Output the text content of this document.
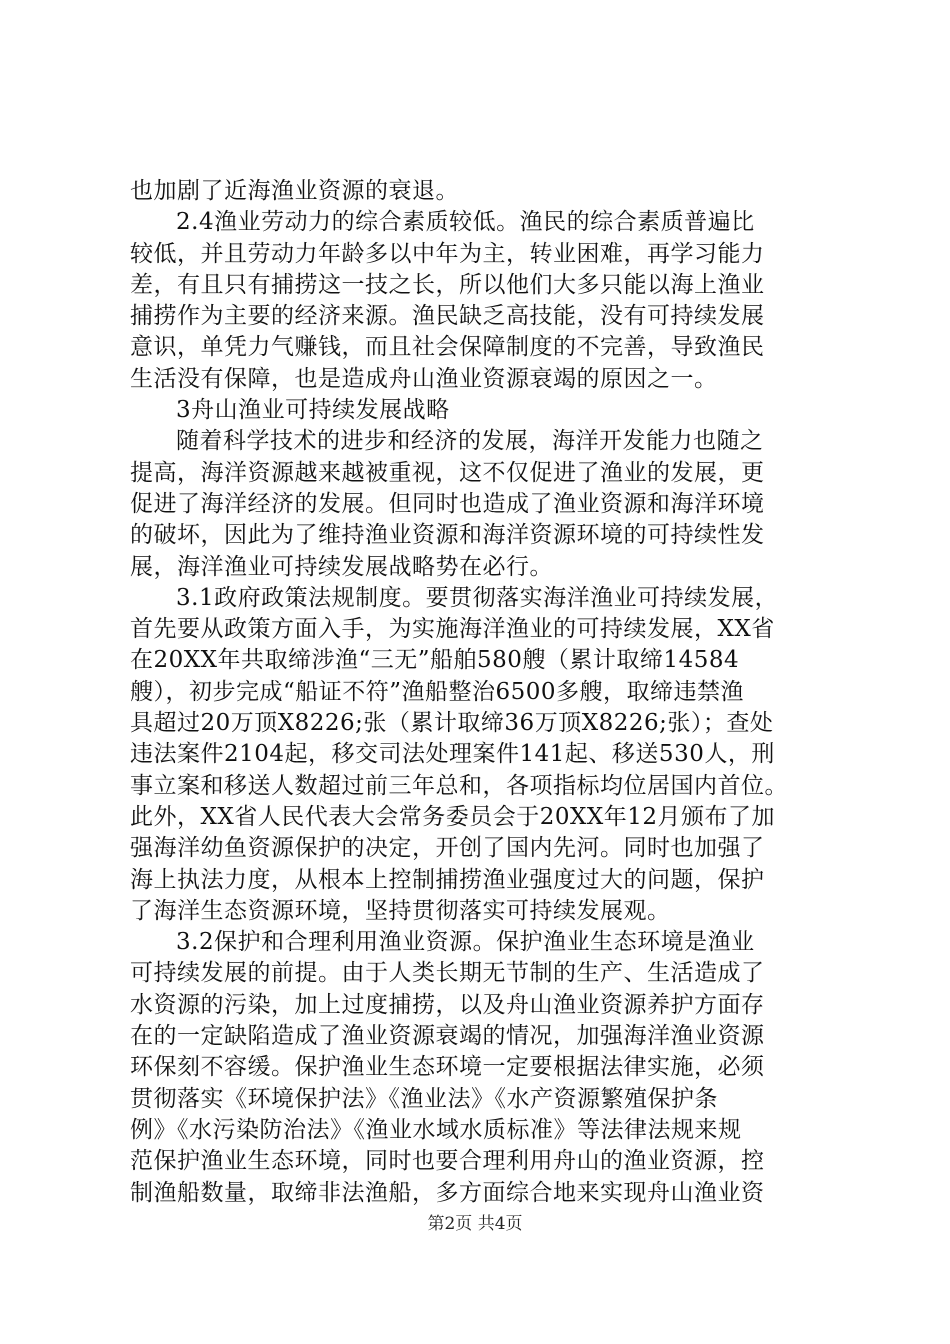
也加剧了近海渔业资源的衰退。
2.4渔业劳动力的综合素质较低。渔民的综合素质普遍比
较低，并且劳动力年龄多以中年为主，转业困难，再学习能力
差，有且只有捕捞这一技之长，所以他们大多只能以海上渔业
捕捞作为主要的经济来源。渔民缺乏高技能，没有可持续发展
意识，单凭力气赚钱，而且社会保障制度的不完善，导致渔民
生活没有保障，也是造成舟山渔业资源衰竭的原因之一。
3舟山渔业可持续发展战略
随着科学技术的进步和经济的发展，海洋开发能力也随之
提高，海洋资源越来越被重视，这不仅促进了渔业的发展，更
促进了海洋经济的发展。但同时也造成了渔业资源和海洋环境
的破坏，因此为了维持渔业资源和海洋资源环境的可持续性发
展，海洋渔业可持续发展战略势在必行。
3.1政府政策法规制度。要贯彻落实海洋渔业可持续发展，
首先要从政策方面入手，为实施海洋渔业的可持续发展，XX省
在20XX年共取缔涉渔“三无”船舶580艘（累计取缔14584
艘），初步完成“船证不符”渔船整治6500多艘，取缔违禁渔
具超过20万顶X8226;张（累计取缔36万顶X8226;张）；查处
违法案件2104起，移交司法处理案件141起、移送530人，刑
事立案和移送人数超过前三年总和，各项指标均位居国内首位。
此外，XX省人民代表大会常务委员会于20XX年12月颁布了加
强海洋幼鱼资源保护的决定，开创了国内先河。同时也加强了
海上执法力度，从根本上控制捕捞渔业强度过大的问题，保护
了海洋生态资源环境，坚持贯彻落实可持续发展观。
3.2保护和合理利用渔业资源。保护渔业生态环境是渔业
可持续发展的前提。由于人类长期无节制的生产、生活造成了
水资源的污染，加上过度捕捞，以及舟山渔业资源养护方面存
在的一定缺陷造成了渔业资源衰竭的情况，加强海洋渔业资源
环保刻不容缓。保护渔业生态环境一定要根据法律实施，必须
贯彻落实《环境保护法》《渔业法》《水产资源繁殖保护条
例》《水污染防治法》《渔业水域水质标准》等法律法规来规
范保护渔业生态环境，同时也要合理利用舟山的渔业资源，控
制渔船数量，取缔非法渔船，多方面综合地来实现舟山渔业资
第2页 共4页
